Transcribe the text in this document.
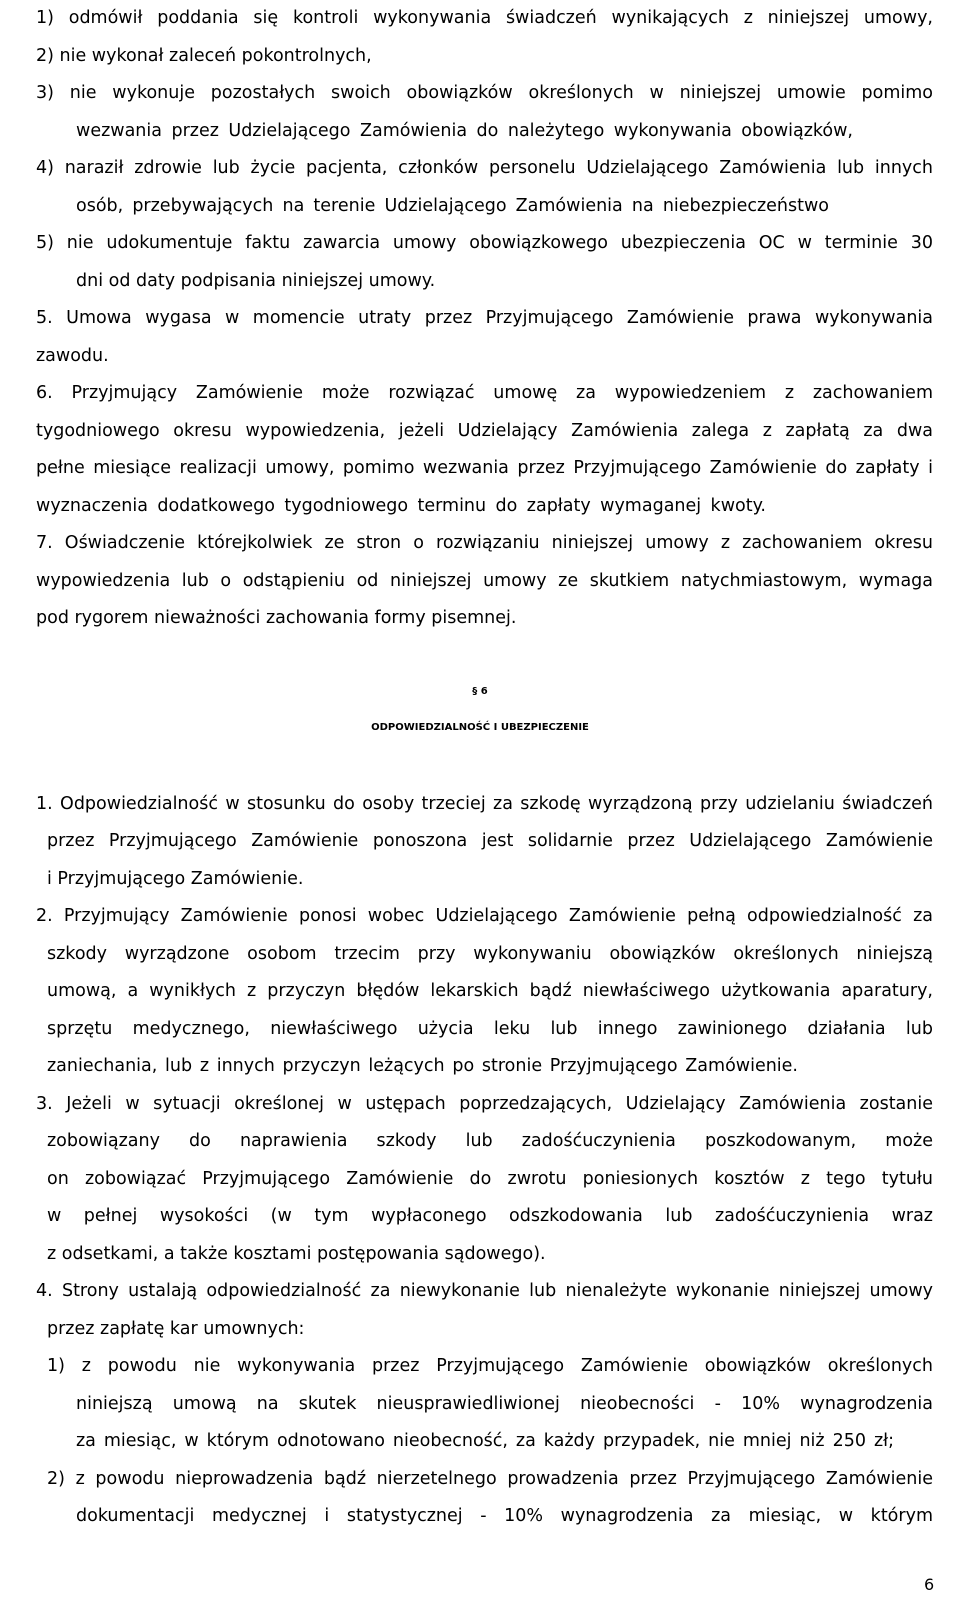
1) odmówił poddania się kontroli wykonywania świadczeń wynikających z niniejszej umowy,
2) nie wykonał zaleceń pokontrolnych,
3) nie wykonuje pozostałych swoich obowiązków określonych w niniejszej umowie pomimo
wezwania przez Udzielającego Zamówienia do należytego wykonywania obowiązków,
4) naraził zdrowie lub życie pacjenta, członków personelu Udzielającego Zamówienia lub innych
osób, przebywających na terenie Udzielającego Zamówienia na niebezpieczeństwo
5) nie udokumentuje faktu zawarcia umowy obowiązkowego ubezpieczenia OC w terminie 30
dni od daty podpisania niniejszej umowy.
5. Umowa wygasa w momencie utraty przez Przyjmującego Zamówienie prawa wykonywania
zawodu.
6. Przyjmujący Zamówienie może rozwiązać umowę za wypowiedzeniem z zachowaniem
tygodniowego okresu wypowiedzenia, jeżeli Udzielający Zamówienia zalega z zapłatą za dwa
pełne miesiące realizacji umowy, pomimo wezwania przez Przyjmującego Zamówienie do zapłaty i
wyznaczenia dodatkowego tygodniowego terminu do zapłaty wymaganej kwoty.
7. Oświadczenie którejkolwiek ze stron o rozwiązaniu niniejszej umowy z zachowaniem okresu
wypowiedzenia lub o odstąpieniu od niniejszej umowy ze skutkiem natychmiastowym, wymaga
pod rygorem nieważności zachowania formy pisemnej.
§ 6
ODPOWIEDZIALNOŚĆ I UBEZPIECZENIE
1. Odpowiedzialność w stosunku do osoby trzeciej za szkodę wyrządzoną przy udzielaniu świadczeń
przez Przyjmującego Zamówienie ponoszona jest solidarnie przez Udzielającego Zamówienie
i Przyjmującego Zamówienie.
2. Przyjmujący Zamówienie ponosi wobec Udzielającego Zamówienie pełną odpowiedzialność za
szkody wyrządzone osobom trzecim przy wykonywaniu obowiązków określonych niniejszą
umową, a wynikłych z przyczyn błędów lekarskich bądź niewłaściwego użytkowania aparatury,
sprzętu medycznego, niewłaściwego użycia leku lub innego zawinionego działania lub
zaniechania, lub z innych przyczyn leżących po stronie Przyjmującego Zamówienie.
3. Jeżeli w sytuacji określonej w ustępach poprzedzających, Udzielający Zamówienia zostanie
zobowiązany do naprawienia szkody lub zadośćuczynienia poszkodowanym, może
on zobowiązać Przyjmującego Zamówienie do zwrotu poniesionych kosztów z tego tytułu
w pełnej wysokości (w tym wypłaconego odszkodowania lub zadośćuczynienia wraz
z odsetkami, a także kosztami postępowania sądowego).
4. Strony ustalają odpowiedzialność za niewykonanie lub nienależyte wykonanie niniejszej umowy
przez zapłatę kar umownych:
1) z powodu nie wykonywania przez Przyjmującego Zamówienie obowiązków określonych
niniejszą umową na skutek nieusprawiedliwionej nieobecności - 10% wynagrodzenia
za miesiąc, w którym odnotowano nieobecność, za każdy przypadek, nie mniej niż 250 zł;
2) z powodu nieprowadzenia bądź nierzetelnego prowadzenia przez Przyjmującego Zamówienie
dokumentacji medycznej i statystycznej - 10% wynagrodzenia za miesiąc, w którym
6
